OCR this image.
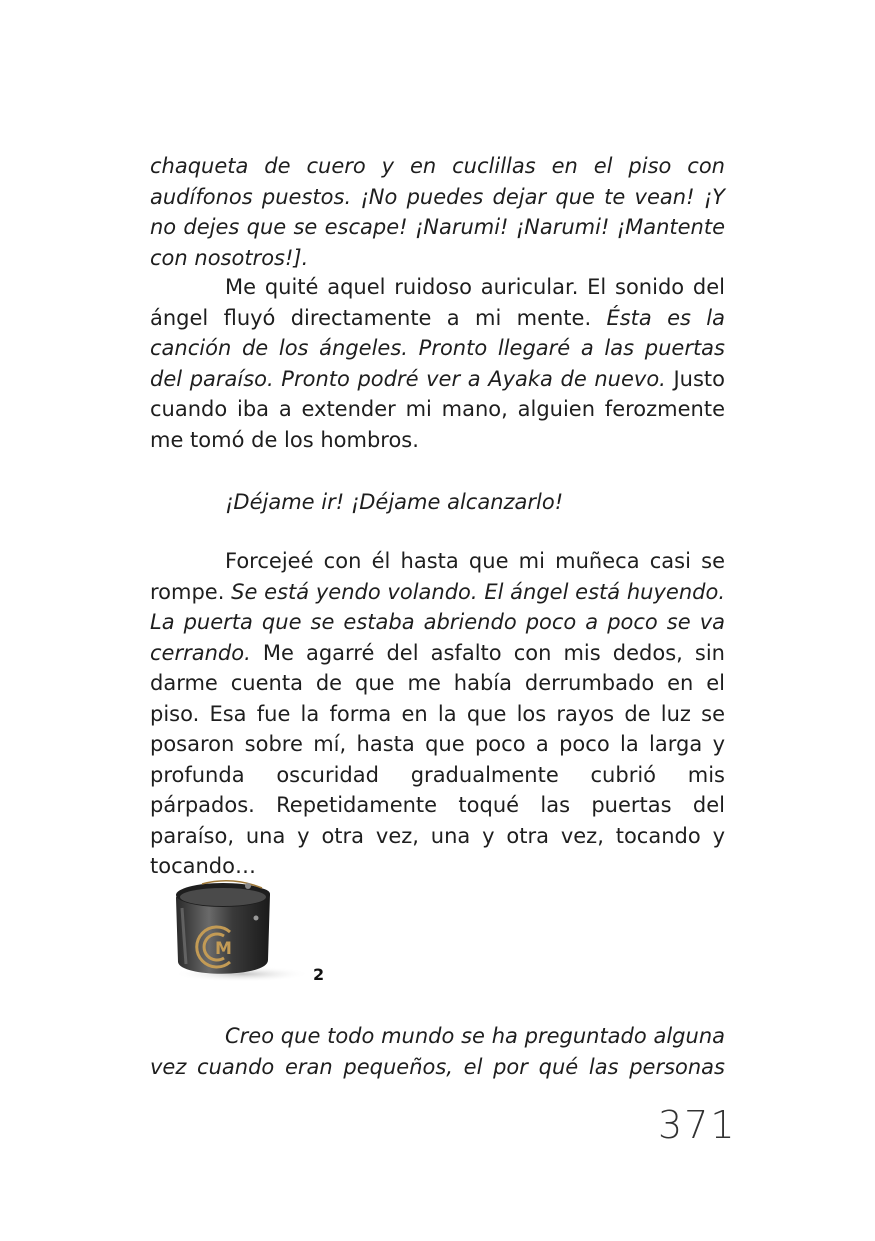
chaqueta de cuero y en cuclillas en el piso con audífonos puestos. ¡No puedes dejar que te vean! ¡Y no dejes que se escape! ¡Narumi! ¡Narumi! ¡Mantente con nosotros!].

Me quité aquel ruidoso auricular. El sonido del ángel fluyó directamente a mi mente. Ésta es la canción de los ángeles. Pronto llegaré a las puertas del paraíso. Pronto podré ver a Ayaka de nuevo. Justo cuando iba a extender mi mano, alguien ferozmente me tomó de los hombros.

¡Déjame ir! ¡Déjame alcanzarlo!

Forcejeé con él hasta que mi muñeca casi se rompe. Se está yendo volando. El ángel está huyendo. La puerta que se estaba abriendo poco a poco se va cerrando. Me agarré del asfalto con mis dedos, sin darme cuenta de que me había derrumbado en el piso. Esa fue la forma en la que los rayos de luz se posaron sobre mí, hasta que poco a poco la larga y profunda oscuridad gradualmente cubrió mis párpados. Repetidamente toqué las puertas del paraíso, una y otra vez, una y otra vez, tocando y tocando…

M
2

Creo que todo mundo se ha preguntado alguna vez cuando eran pequeños, el por qué las personas

371
